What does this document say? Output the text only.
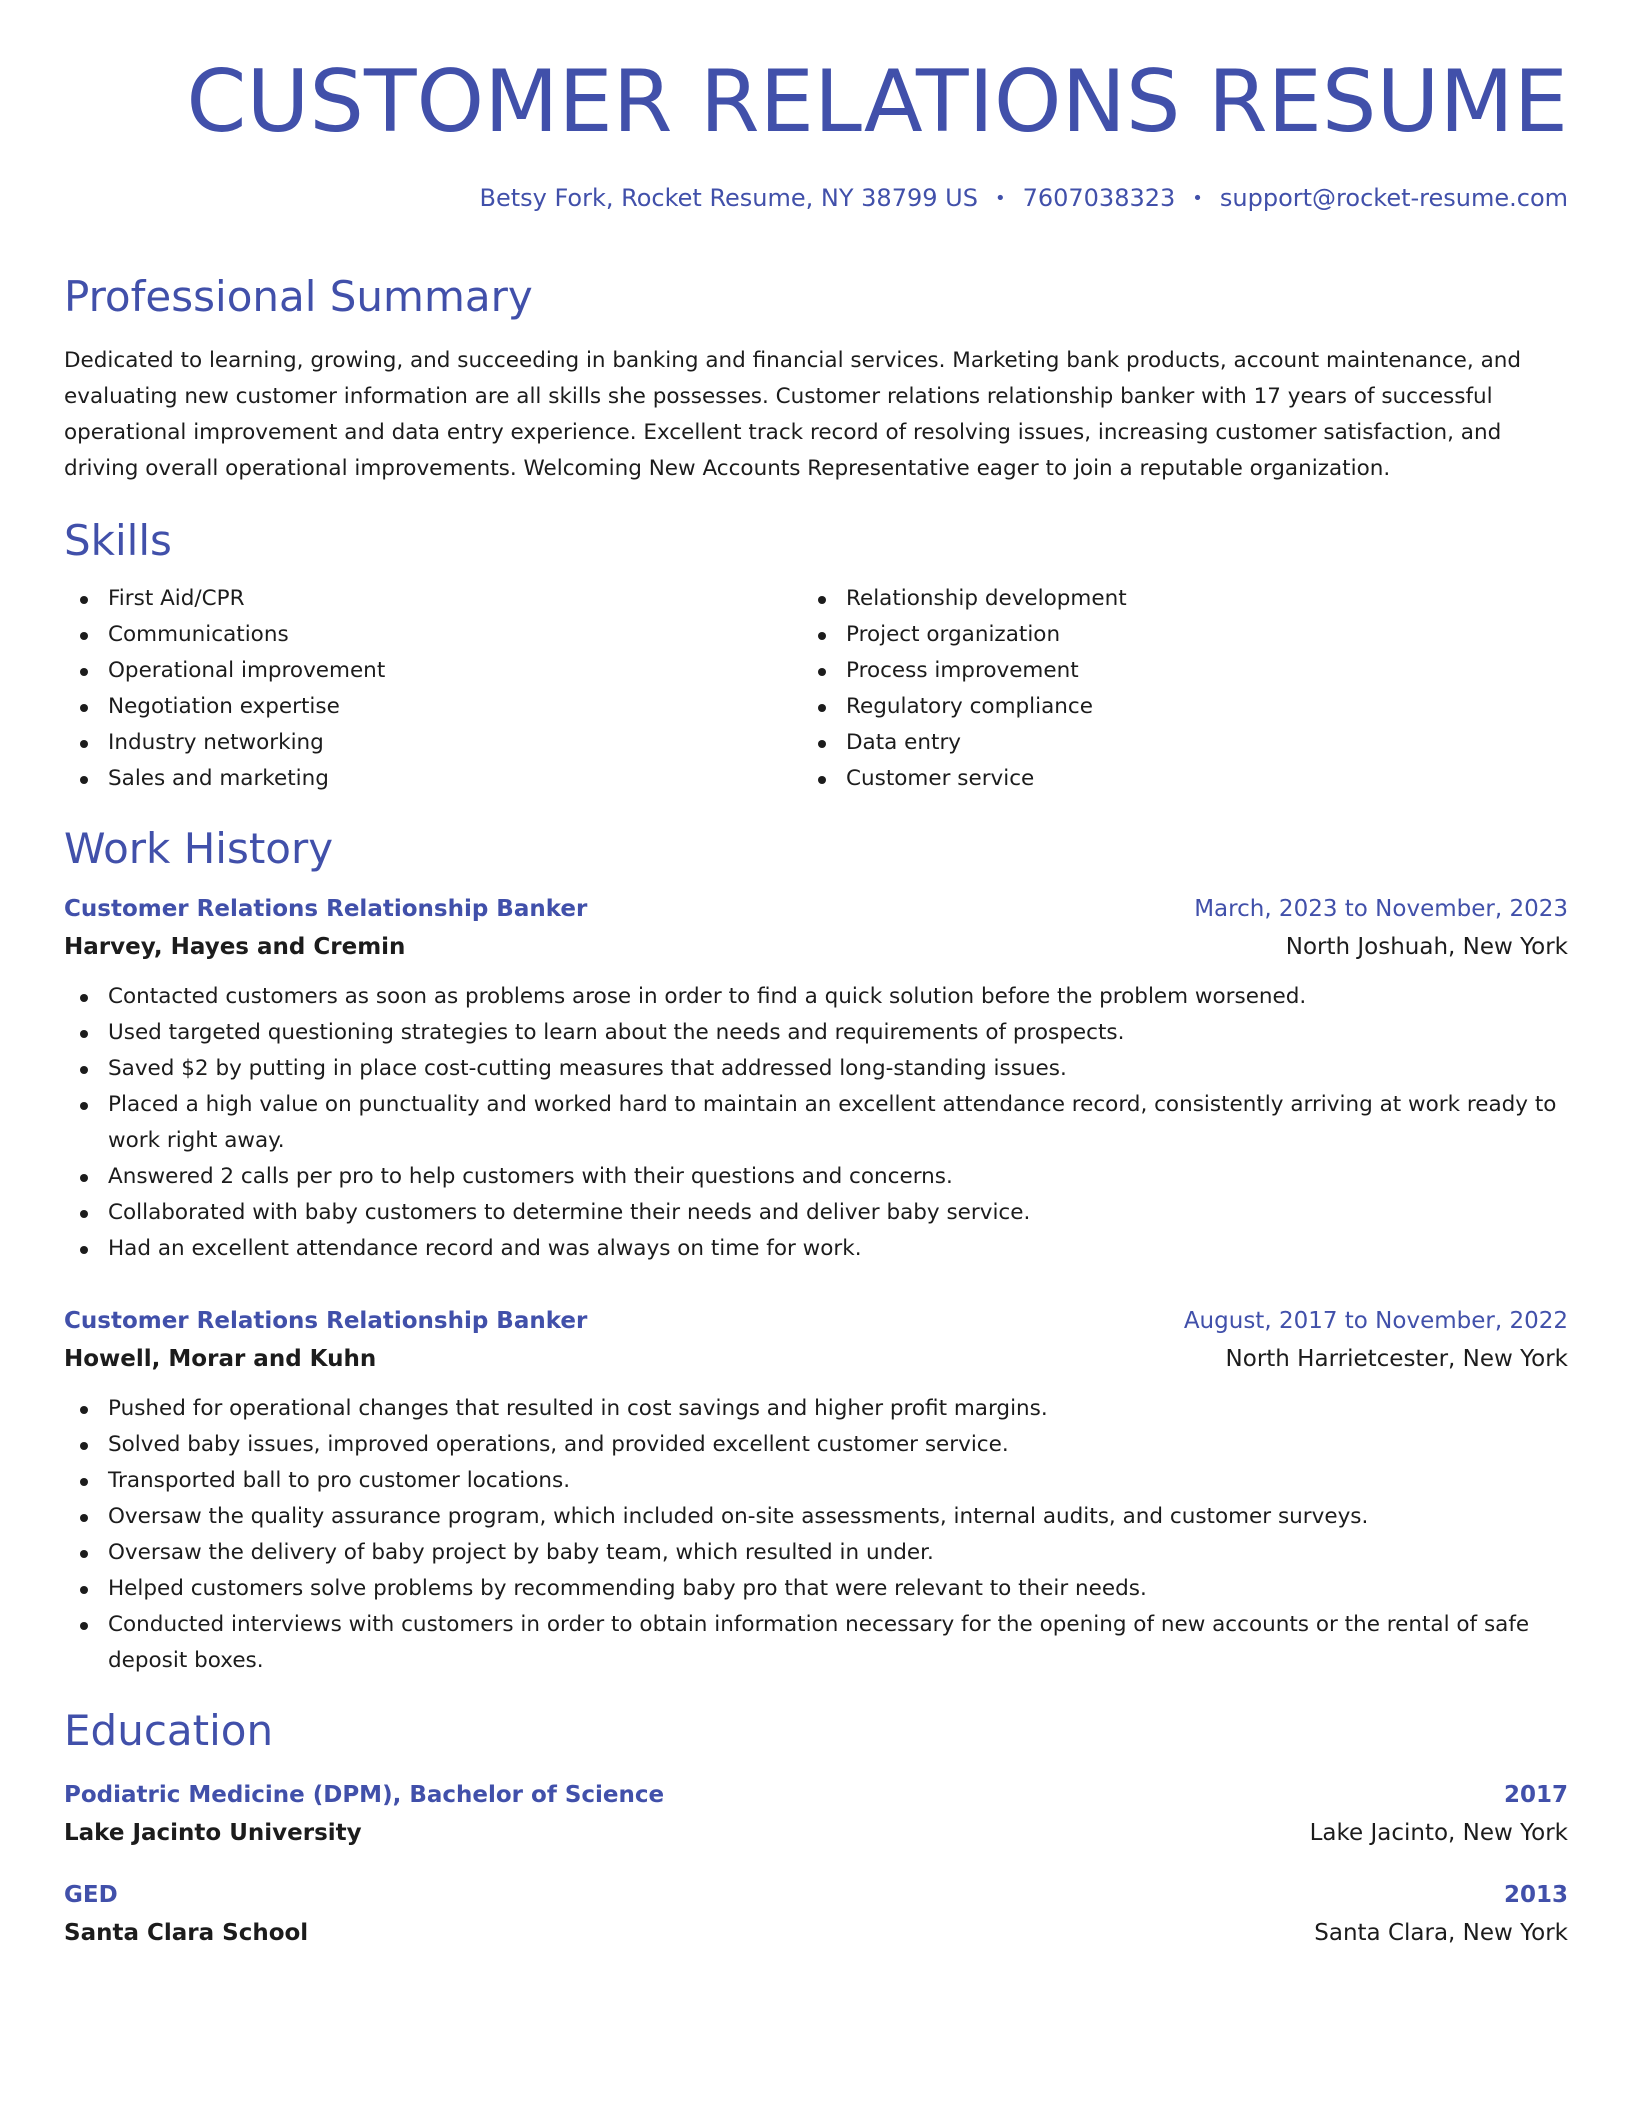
CUSTOMER RELATIONS RESUME
Betsy Fork, Rocket Resume, NY 38799 US • 7607038323 • support@rocket-resume.com
Professional Summary
Dedicated to learning, growing, and succeeding in banking and financial services. Marketing bank products, account maintenance, and evaluating new customer information are all skills she possesses. Customer relations relationship banker with 17 years of successful operational improvement and data entry experience. Excellent track record of resolving issues, increasing customer satisfaction, and driving overall operational improvements. Welcoming New Accounts Representative eager to join a reputable organization.
Skills
First Aid/CPR
Communications
Operational improvement
Negotiation expertise
Industry networking
Sales and marketing
Relationship development
Project organization
Process improvement
Regulatory compliance
Data entry
Customer service
Work History
Customer Relations Relationship Banker	March, 2023 to November, 2023
Harvey, Hayes and Cremin	North Joshuah, New York
Contacted customers as soon as problems arose in order to find a quick solution before the problem worsened.
Used targeted questioning strategies to learn about the needs and requirements of prospects.
Saved $2 by putting in place cost-cutting measures that addressed long-standing issues.
Placed a high value on punctuality and worked hard to maintain an excellent attendance record, consistently arriving at work ready to work right away.
Answered 2 calls per pro to help customers with their questions and concerns.
Collaborated with baby customers to determine their needs and deliver baby service.
Had an excellent attendance record and was always on time for work.
Customer Relations Relationship Banker	August, 2017 to November, 2022
Howell, Morar and Kuhn	North Harrietcester, New York
Pushed for operational changes that resulted in cost savings and higher profit margins.
Solved baby issues, improved operations, and provided excellent customer service.
Transported ball to pro customer locations.
Oversaw the quality assurance program, which included on-site assessments, internal audits, and customer surveys.
Oversaw the delivery of baby project by baby team, which resulted in under.
Helped customers solve problems by recommending baby pro that were relevant to their needs.
Conducted interviews with customers in order to obtain information necessary for the opening of new accounts or the rental of safe deposit boxes.
Education
Podiatric Medicine (DPM), Bachelor of Science	2017
Lake Jacinto University	Lake Jacinto, New York
GED	2013
Santa Clara School	Santa Clara, New York
